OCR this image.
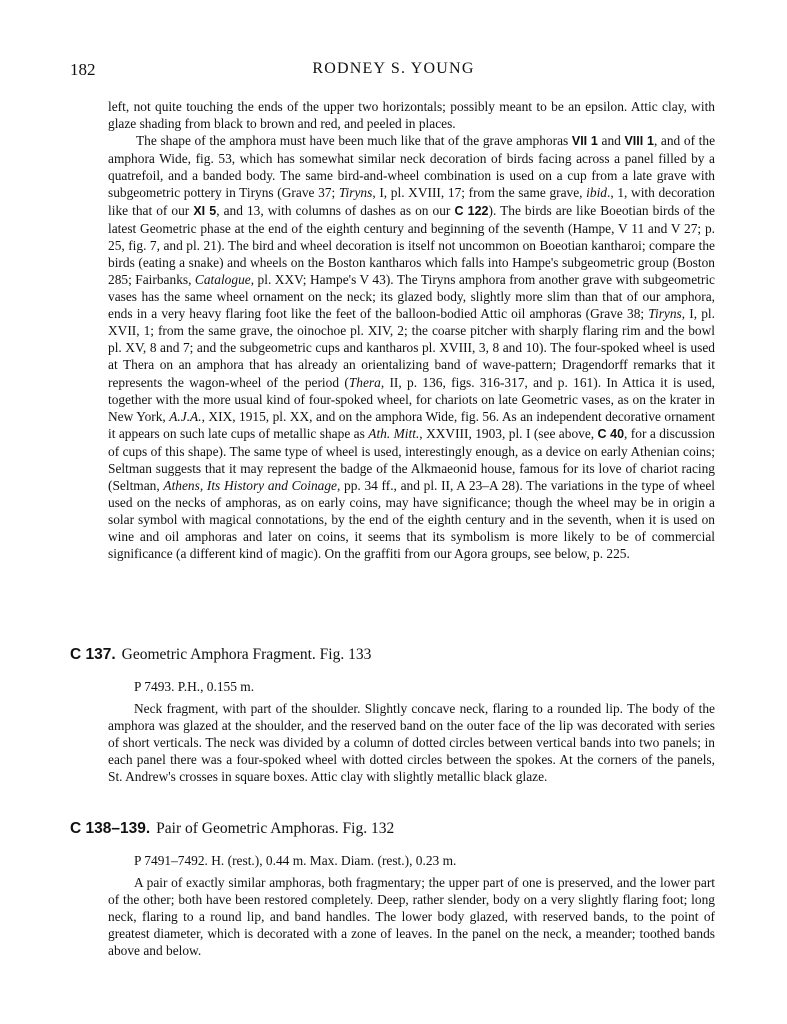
182	RODNEY S. YOUNG

left, not quite touching the ends of the upper two horizontals; possibly meant to be an epsilon. Attic clay, with glaze shading from black to brown and red, and peeled in places.

The shape of the amphora must have been much like that of the grave amphoras VII 1 and VIII 1, and of the amphora Wide, fig. 53, which has somewhat similar neck decoration of birds facing across a panel filled by a quatrefoil, and a banded body. The same bird-and-wheel combination is used on a cup from a late grave with subgeometric pottery in Tiryns (Grave 37; Tiryns, I, pl. XVIII, 17; from the same grave, ibid., 1, with decoration like that of our XI 5, and 13, with columns of dashes as on our C 122). The birds are like Boeotian birds of the latest Geometric phase at the end of the eighth century and beginning of the seventh (Hampe, V 11 and V 27; p. 25, fig. 7, and pl. 21). The bird and wheel decoration is itself not uncommon on Boeotian kantharoi; compare the birds (eating a snake) and wheels on the Boston kantharos which falls into Hampe's subgeometric group (Boston 285; Fairbanks, Catalogue, pl. XXV; Hampe's V 43). The Tiryns amphora from another grave with subgeometric vases has the same wheel ornament on the neck; its glazed body, slightly more slim than that of our amphora, ends in a very heavy flaring foot like the feet of the balloon-bodied Attic oil amphoras (Grave 38; Tiryns, I, pl. XVII, 1; from the same grave, the oinochoe pl. XIV, 2; the coarse pitcher with sharply flaring rim and the bowl pl. XV, 8 and 7; and the subgeometric cups and kantharos pl. XVIII, 3, 8 and 10). The four-spoked wheel is used at Thera on an amphora that has already an orientalizing band of wave-pattern; Dragendorff remarks that it represents the wagon-wheel of the period (Thera, II, p. 136, figs. 316-317, and p. 161). In Attica it is used, together with the more usual kind of four-spoked wheel, for chariots on late Geometric vases, as on the krater in New York, A.J.A., XIX, 1915, pl. XX, and on the amphora Wide, fig. 56. As an independent decorative ornament it appears on such late cups of metallic shape as Ath. Mitt., XXVIII, 1903, pl. I (see above, C 40, for a discussion of cups of this shape). The same type of wheel is used, interestingly enough, as a device on early Athenian coins; Seltman suggests that it may represent the badge of the Alkmaeonid house, famous for its love of chariot racing (Seltman, Athens, Its History and Coinage, pp. 34 ff., and pl. II, A 23–A 28). The variations in the type of wheel used on the necks of amphoras, as on early coins, may have significance; though the wheel may be in origin a solar symbol with magical connotations, by the end of the eighth century and in the seventh, when it is used on wine and oil amphoras and later on coins, it seems that its symbolism is more likely to be of commercial significance (a different kind of magic). On the graffiti from our Agora groups, see below, p. 225.

C 137. Geometric Amphora Fragment. Fig. 133
P 7493. P.H., 0.155 m.

Neck fragment, with part of the shoulder. Slightly concave neck, flaring to a rounded lip. The body of the amphora was glazed at the shoulder, and the reserved band on the outer face of the lip was decorated with series of short verticals. The neck was divided by a column of dotted circles between vertical bands into two panels; in each panel there was a four-spoked wheel with dotted circles between the spokes. At the corners of the panels, St. Andrew's crosses in square boxes. Attic clay with slightly metallic black glaze.

C 138–139. Pair of Geometric Amphoras. Fig. 132
P 7491–7492. H. (rest.), 0.44 m. Max. Diam. (rest.), 0.23 m.

A pair of exactly similar amphoras, both fragmentary; the upper part of one is preserved, and the lower part of the other; both have been restored completely. Deep, rather slender, body on a very slightly flaring foot; long neck, flaring to a round lip, and band handles. The lower body glazed, with reserved bands, to the point of greatest diameter, which is decorated with a zone of leaves. In the panel on the neck, a meander; toothed bands above and below.
